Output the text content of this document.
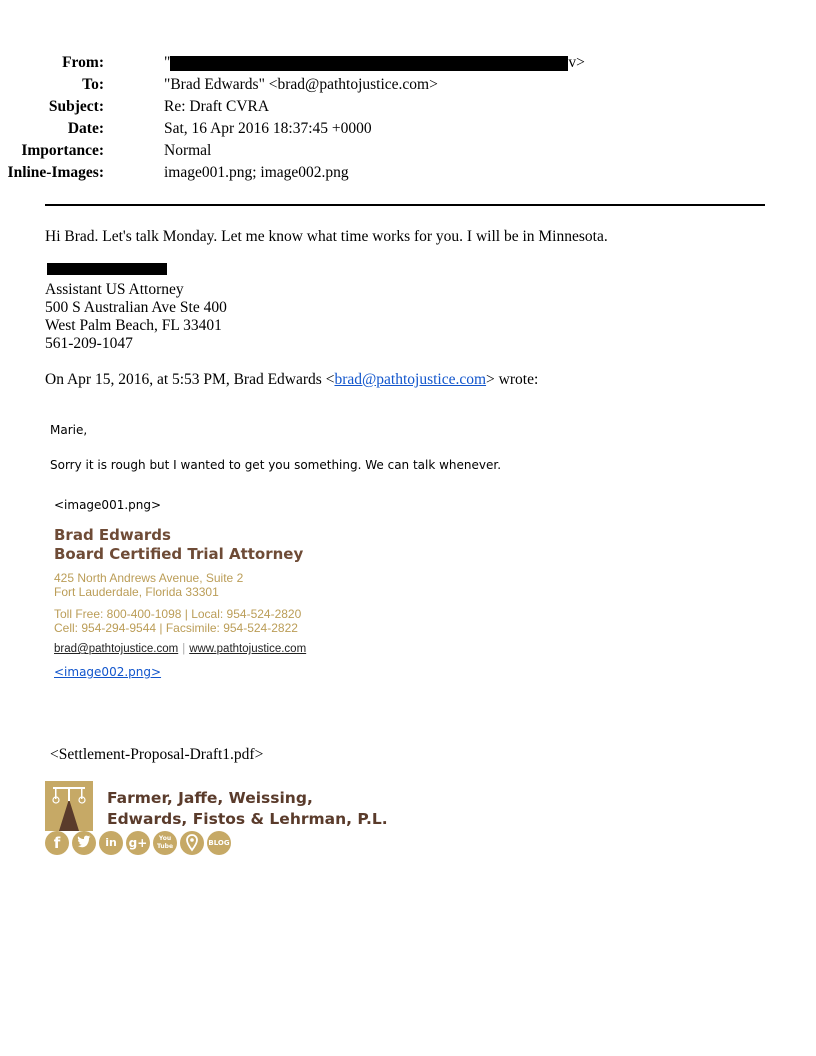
From:	"	v>
To:	"Brad Edwards" <brad@pathtojustice.com>
Subject:	Re: Draft CVRA
Date:	Sat, 16 Apr 2016 18:37:45 +0000
Importance:	Normal
Inline-Images:	image001.png; image002.png
Hi Brad. Let's talk Monday. Let me know what time works for you. I will be in Minnesota.
Assistant US Attorney
500 S Australian Ave Ste 400
West Palm Beach, FL 33401
561-209-1047
On Apr 15, 2016, at 5:53 PM, Brad Edwards <brad@pathtojustice.com> wrote:
Marie,
Sorry it is rough but I wanted to get you something. We can talk whenever.
<image001.png>
Brad Edwards
Board Certified Trial Attorney
425 North Andrews Avenue, Suite 2
Fort Lauderdale, Florida 33301
Toll Free: 800-400-1098 | Local: 954-524-2820
Cell: 954-294-9544 | Facsimile: 954-524-2822
brad@pathtojustice.com | www.pathtojustice.com
<image002.png>
<Settlement-Proposal-Draft1.pdf>
Farmer, Jaffe, Weissing,
Edwards, Fistos & Lehrman, P.L.
f	in g+	You Tube	BLOG
